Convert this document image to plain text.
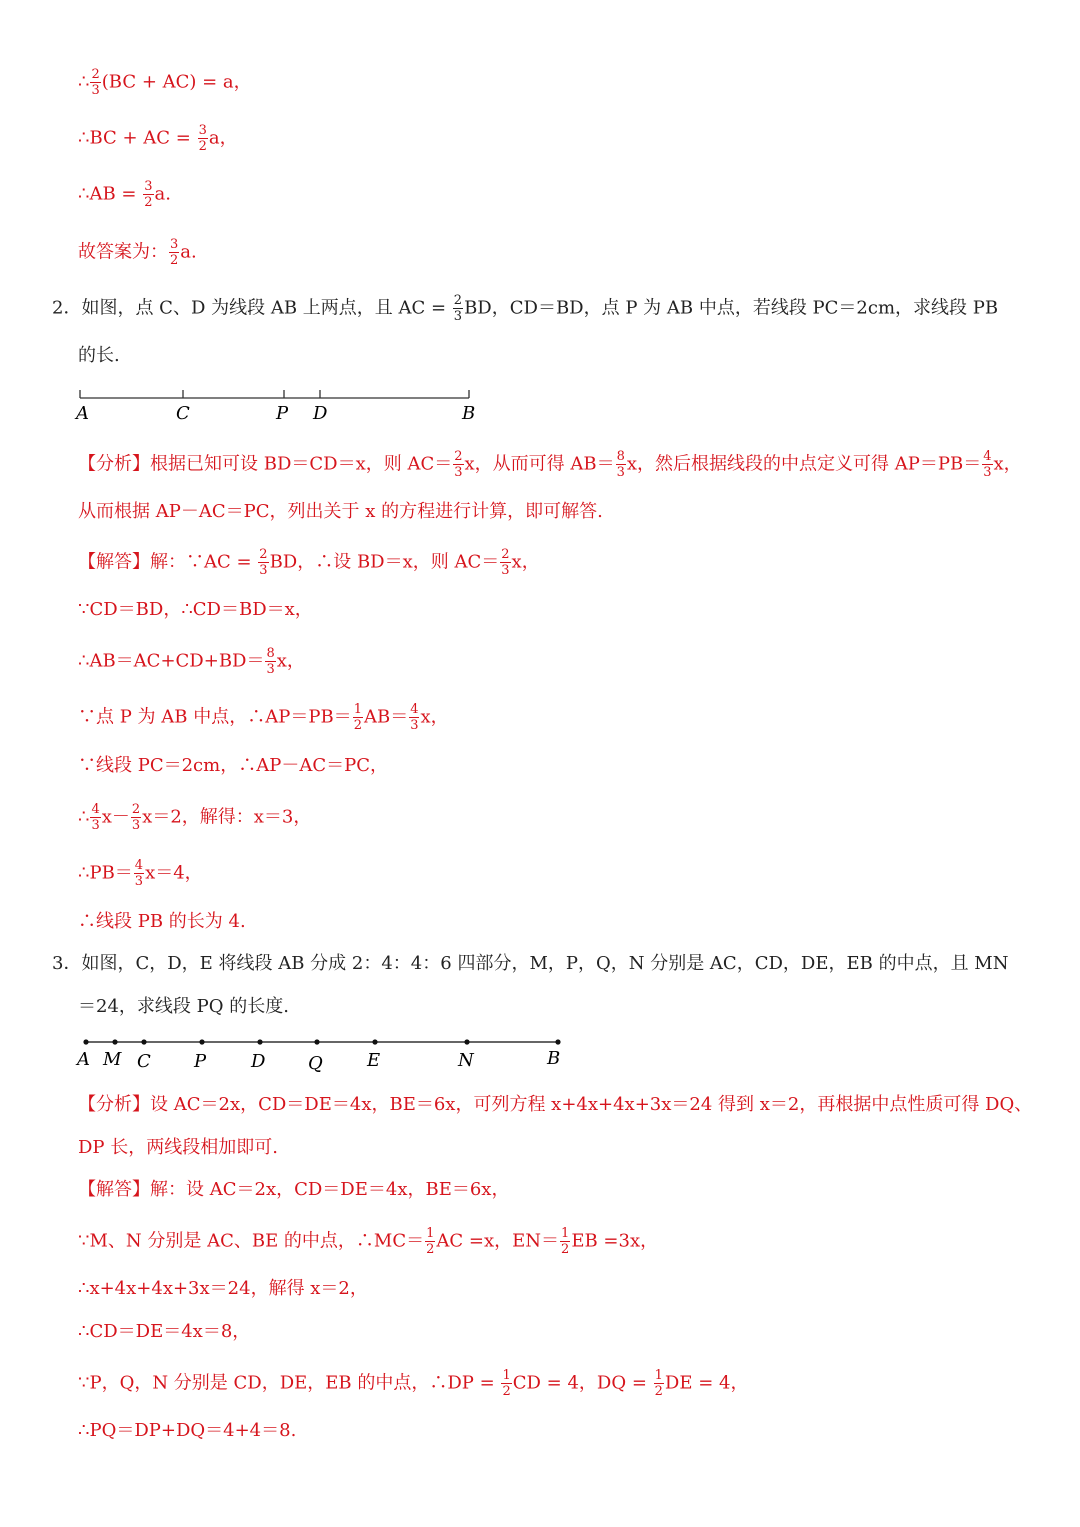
∴ $\frac{2}{3} (BC + AC) = a$，
∴BC + AC = $\frac{3}{2}$ a，
∴AB = $\frac{3}{2} a$.
故答案为： $\frac{3}{2} a$.
2．如图，点 C、D 为线段 AB 上两点，且 AC = $\frac{2}{3}$ BD，CD＝BD，点 P 为 AB 中点，若线段 PC＝2cm，求线段 PB
的长.
A	C	P D	B
【分析】根据已知可设 BD＝CD＝x，则 $AC= \frac{2}{3}$ x，从而可得 $AB= \frac{8}{3}$ x，然后根据线段的中点定义可得 $AP=PB= \frac{4}{3}$ x，
从而根据 AP－AC＝PC，列出关于 x 的方程进行计算，即可解答.
【解答】解：∵AC = $\frac{2}{3}$ BD，∴设 BD＝x，则 $AC= \frac{2}{3}$ x，
∵CD＝BD，∴CD＝BD＝x，
∴AB＝AC+CD+BD＝ $\frac{8}{3}$ x，
∵点 P 为 AB 中点，∴AP＝PB＝ $\frac{1}{2} AB= \frac{4}{3}$ x，
∵线段 PC＝2cm，∴AP－AC＝PC，
∴ $\frac{4}{3} x- \frac{2}{3} x=2$，解得：x＝3，
∴PB＝ $\frac{4}{3} x=4$，
∴线段 PB 的长为 4.
3．如图，C，D，E 将线段 AB 分成 2：4：4：6 四部分，M，P，Q，N 分别是 AC，CD，DE，EB 的中点，且 MN
＝24，求线段 PQ 的长度.
A M C P D Q E	N	B
【分析】设 AC＝2x，CD＝DE＝4x，BE＝6x，可列方程 x+4x+4x+3x＝24 得到 x＝2，再根据中点性质可得 DQ、
DP 长，两线段相加即可.
【解答】解：设 AC＝2x，CD＝DE＝4x，BE＝6x，
∵M、N 分别是 AC、BE 的中点，∴MC＝ $\frac{1}{2}$ AC =x，$EN= \frac{1}{2}$ EB =3x，
∴x+4x+4x+3x＝24，解得 x＝2，
∴CD＝DE＝4x＝8，
∵P，Q，N 分别是 CD，DE，EB 的中点，∴DP = $\frac{1}{2}$ CD = 4，DQ = $\frac{1}{2}$ DE = 4，
∴PQ＝DP+DQ＝4+4＝8.
